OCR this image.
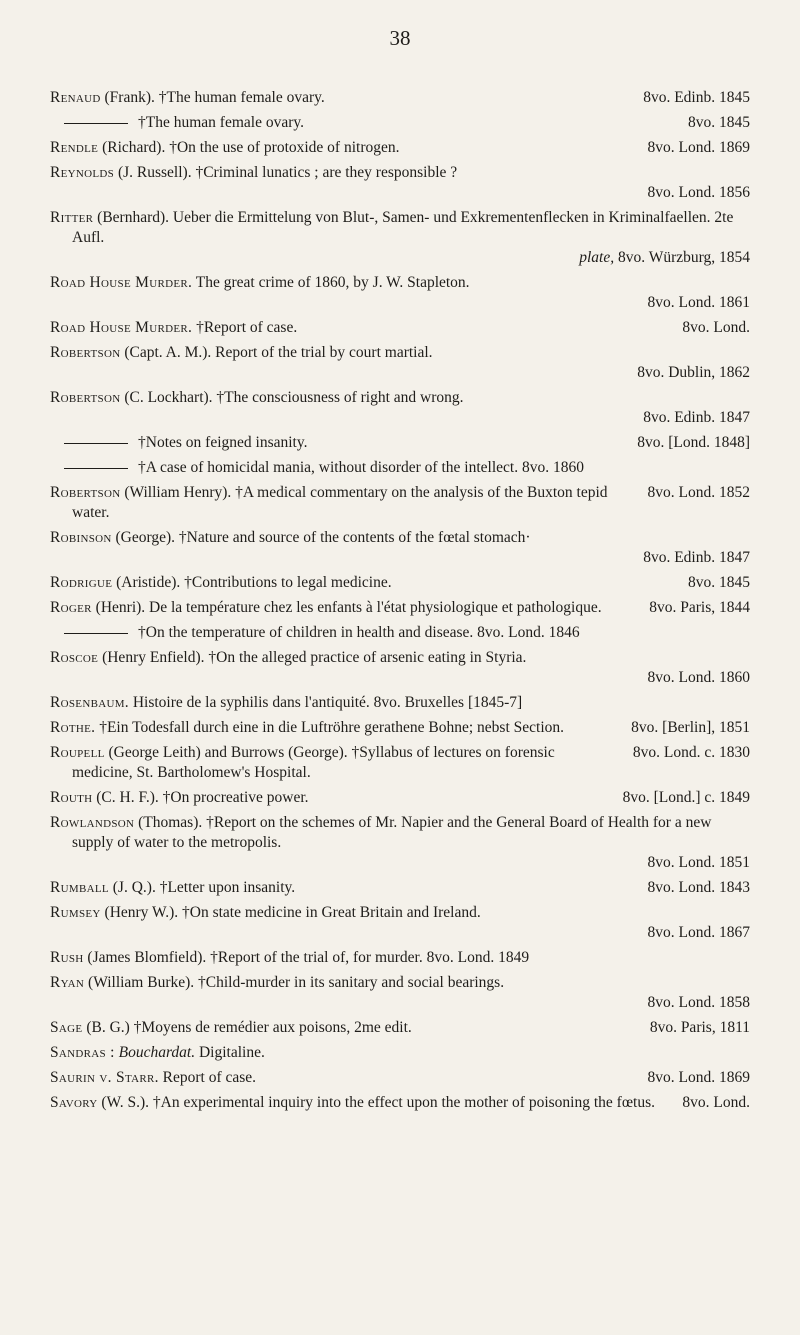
38
8vo. Edinb. 1845
Renaud (Frank). †The human female ovary.
8vo. 1845
†The human female ovary.
8vo. Lond. 1869
Rendle (Richard). †On the use of protoxide of nitrogen.
Reynolds (J. Russell). †Criminal lunatics ; are they responsible ?
8vo. Lond. 1856
Ritter (Bernhard). Ueber die Ermittelung von Blut-, Samen- und Exkrementenflecken in Kriminalfaellen. 2te Aufl.
plate, 8vo. Würzburg, 1854
Road House Murder. The great crime of 1860, by J. W. Stapleton.
8vo. Lond. 1861
8vo. Lond.
Road House Murder. †Report of case.
Robertson (Capt. A. M.). Report of the trial by court martial.
8vo. Dublin, 1862
Robertson (C. Lockhart). †The consciousness of right and wrong.
8vo. Edinb. 1847
8vo. [Lond. 1848]
†Notes on feigned insanity.
†A case of homicidal mania, without disorder of the intellect. 8vo. 1860
8vo. Lond. 1852
Robertson (William Henry). †A medical commentary on the analysis of the Buxton tepid water.
Robinson (George). †Nature and source of the contents of the fœtal stomach·
8vo. Edinb. 1847
8vo. 1845
Rodrigue (Aristide). †Contributions to legal medicine.
8vo. Paris, 1844
Roger (Henri). De la température chez les enfants à l'état physiologique et pathologique.
†On the temperature of children in health and disease. 8vo. Lond. 1846
Roscoe (Henry Enfield). †On the alleged practice of arsenic eating in Styria.
8vo. Lond. 1860
Rosenbaum. Histoire de la syphilis dans l'antiquité. 8vo. Bruxelles [1845-7]
8vo. [Berlin], 1851
Rothe. †Ein Todesfall durch eine in die Luftröhre gerathene Bohne; nebst Section.
8vo. Lond. c. 1830
Roupell (George Leith) and Burrows (George). †Syllabus of lectures on forensic medicine, St. Bartholomew's Hospital.
8vo. [Lond.] c. 1849
Routh (C. H. F.). †On procreative power.
Rowlandson (Thomas). †Report on the schemes of Mr. Napier and the General Board of Health for a new supply of water to the metropolis.
8vo. Lond. 1851
8vo. Lond. 1843
Rumball (J. Q.). †Letter upon insanity.
Rumsey (Henry W.). †On state medicine in Great Britain and Ireland.
8vo. Lond. 1867
Rush (James Blomfield). †Report of the trial of, for murder. 8vo. Lond. 1849
Ryan (William Burke). †Child-murder in its sanitary and social bearings.
8vo. Lond. 1858
8vo. Paris, 1811
Sage (B. G.) †Moyens de remédier aux poisons, 2me edit.
Sandras : Bouchardat. Digitaline.
8vo. Lond. 1869
Saurin v. Starr. Report of case.
8vo. Lond.
Savory (W. S.). †An experimental inquiry into the effect upon the mother of poisoning the fœtus.
